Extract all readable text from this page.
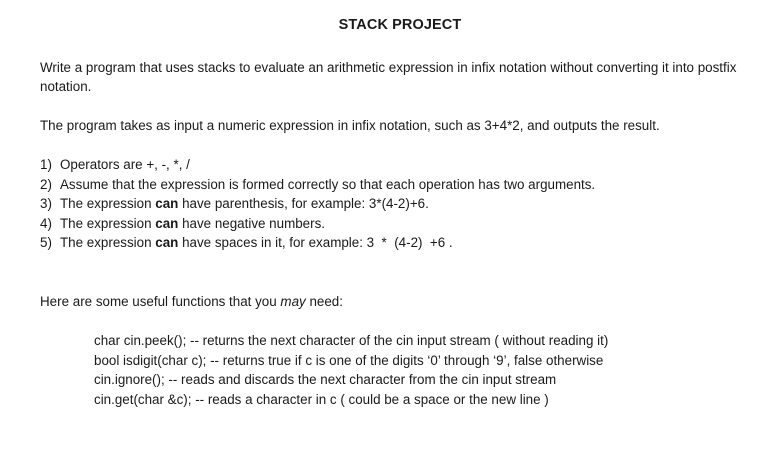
STACK PROJECT
Write a program that uses stacks to evaluate an arithmetic expression in infix notation without converting it into postfix notation.
The program takes as input a numeric expression in infix notation, such as 3+4*2, and outputs the result.
1) Operators are +, -, *, /
2) Assume that the expression is formed correctly so that each operation has two arguments.
3) The expression can have parenthesis, for example: 3*(4-2)+6.
4) The expression can have negative numbers.
5) The expression can have spaces in it, for example: 3  *  (4-2)  +6 .
Here are some useful functions that you may need:
char cin.peek(); -- returns the next character of the cin input stream ( without reading it)
bool isdigit(char c); -- returns true if c is one of the digits ‘0’ through ‘9’, false otherwise
cin.ignore(); -- reads and discards the next character from the cin input stream
cin.get(char &c); -- reads a character in c ( could be a space or the new line )
